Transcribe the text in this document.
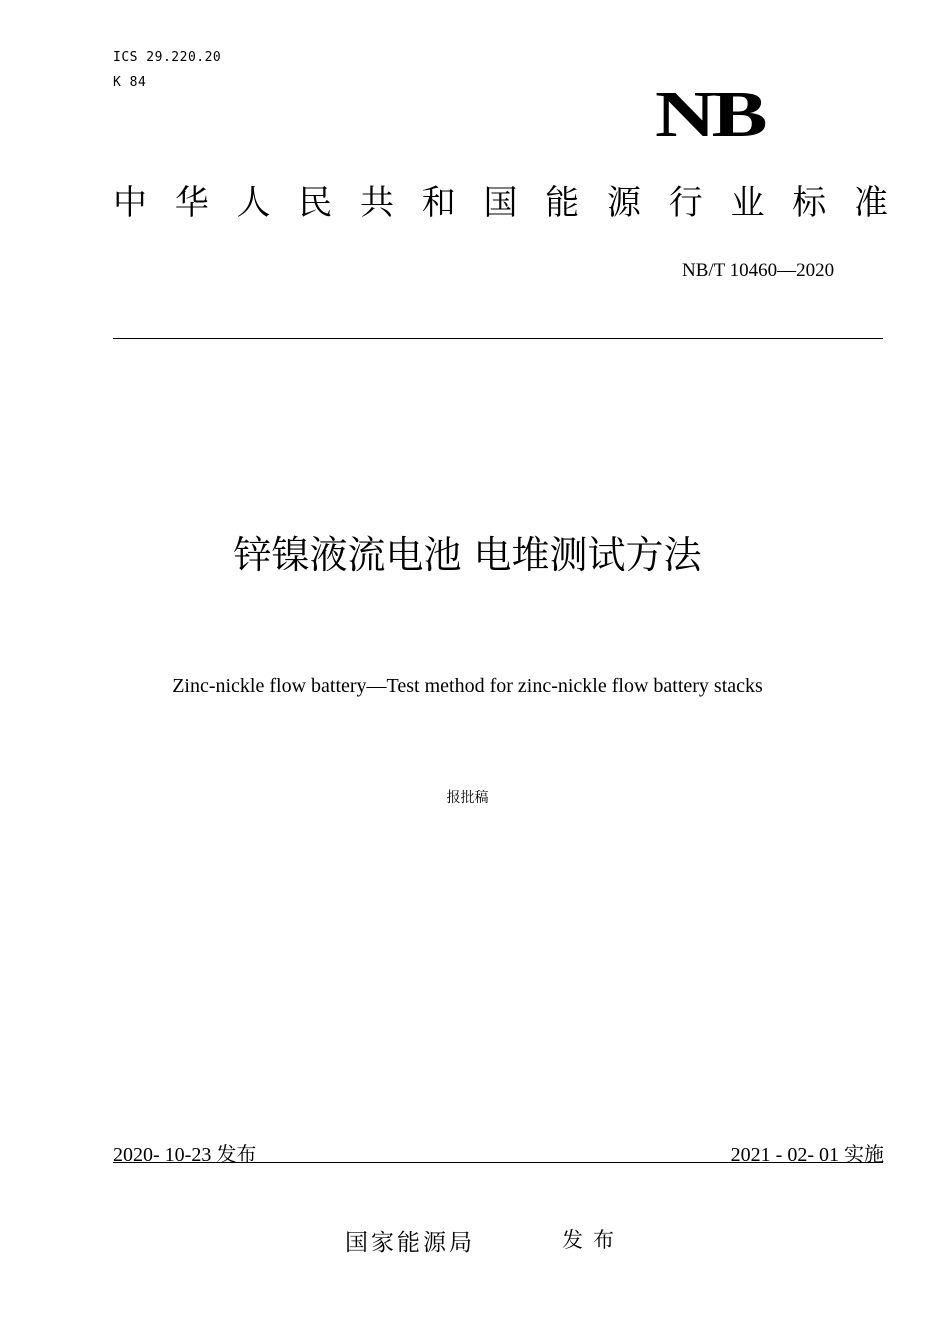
ICS 29.220.20
K 84	NB
中 华 人 民 共 和 国 能 源 行 业 标 准
NB/T 10460—2020
锌镍液流电池 电堆测试方法
Zinc-nickle flow battery—Test method for zinc-nickle flow battery stacks
报批稿
2020- 10-23 发布	2021 - 02- 01 实施
国家能源局	发布
